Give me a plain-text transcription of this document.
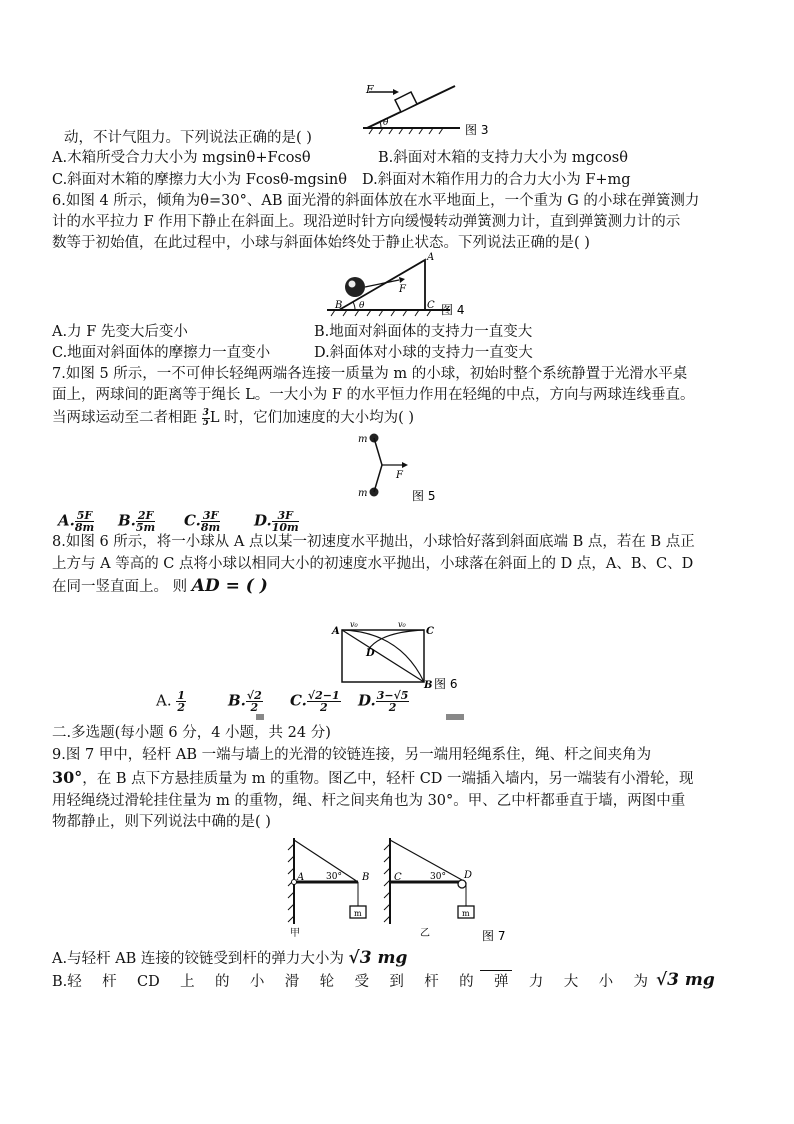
F
θ	图 3
动，不计气阻力。下列说法正确的是( )
A.木箱所受合力大小为 mgsinθ+Fcosθ	B.斜面对木箱的支持力大小为 mgcosθ
C.斜面对木箱的摩擦力大小为 Fcosθ-mgsinθ D.斜面对木箱作用力的合力大小为 F+mg
6.如图 4 所示，倾角为θ=30°、AB 面光滑的斜面体放在水平地面上，一个重为 G 的小球在弹簧测力
计的水平拉力 F 作用下静止在斜面上。现沿逆时针方向缓慢转动弹簧测力计，直到弹簧测力计的示
数等于初始值，在此过程中，小球与斜面体始终处于静止状态。下列说法正确的是( )
B θ
A
F
C 图 4
A.力 F 先变大后变小	B.地面对斜面体的支持力一直变大
C.地面对斜面体的摩擦力一直变小	D.斜面体对小球的支持力一直变大
7.如图 5 所示，一不可伸长轻绳两端各连接一质量为 m 的小球，初始时整个系统静置于光滑水平桌
面上，两球间的距离等于绳长 L。一大小为 F 的水平恒力作用在轻绳的中点，方向与两球连线垂直。
当两球运动至二者相距 $\frac{3}{5}$ L 时，它们加速度的大小均为( )
m
m
F
图 5
A. $\frac{5F}{8m} B$. $\frac{2F}{5m} C$. $\frac{3F}{8m} D$. $\frac{3F}{10m}$
8.如图 6 所示，将一小球从 A 点以某一初速度水平抛出，小球恰好落到斜面底端 B 点，若在 B 点正
上方与 A 等高的 C 点将小球以相同大小的初速度水平抛出，小球落在斜面上的 D 点，A、B、C、D
在同一竖直面上。 则 AD = ( )
A	C
D
B
v₀	v₀
图 6
A. $\frac{1}{2}$	B. $\frac{√2}{2} C$. $\frac{√2-1}{2} D$. $\frac{3-√5}{2}$
二.多选题(每小题 6 分，4 小题，共 24 分)
9.图 7 甲中，轻杆 AB 一端与墙上的光滑的铰链连接，另一端用轻绳系住，绳、杆之间夹角为
30°，在 B 点下方悬挂质量为 m 的重物。图乙中，轻杆 CD 一端插入墙内，另一端装有小滑轮，现
用轻绳绕过滑轮挂住量为 m 的重物，绳、杆之间夹角也为 30°。甲、乙中杆都垂直于墙，两图中重
物都静止，则下列说法中确的是( )
A 30° B
m
甲
C	30° D
m
乙	图 7
A.与轻杆 AB 连接的铰链受到杆的弹力大小为 √3 mg
B.轻 杆 CD 上 的 小 滑 轮 受 到 杆 的 弹 力 大 小 为 √3 mg
